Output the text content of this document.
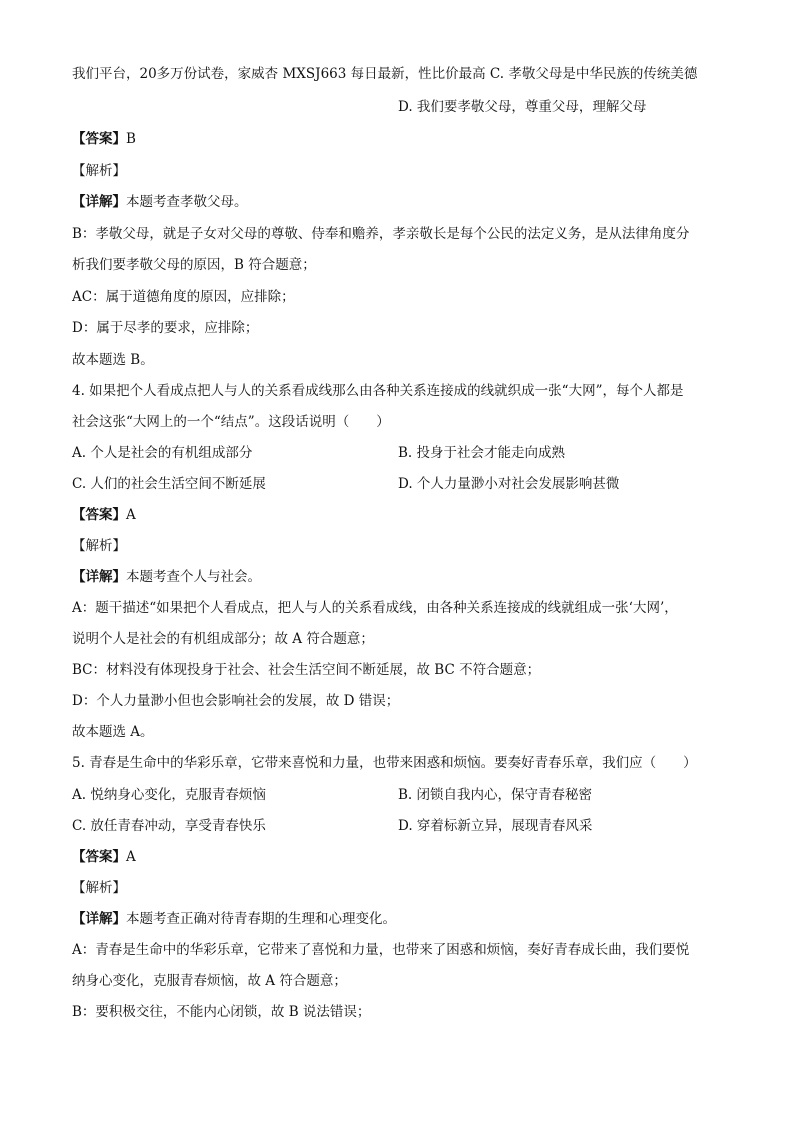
我们平台，20多万份试卷，家威杏 MXSJ663 每日最新，性比价最高 C. 孝敬父母是中华民族的传统美德
D. 我们要孝敬父母，尊重父母，理解父母
【答案】B
【解析】
【详解】本题考查孝敬父母。
B：孝敬父母，就是子女对父母的尊敬、侍奉和赡养，孝亲敬长是每个公民的法定义务，是从法律角度分
析我们要孝敬父母的原因，B 符合题意；
AC：属于道德角度的原因，应排除；
D：属于尽孝的要求，应排除；
故本题选 B。
4. 如果把个人看成点把人与人的关系看成线那么由各种关系连接成的线就织成一张“大网”，每个人都是
社会这张“大网上的一个“结点”。这段话说明（　　）
A. 个人是社会的有机组成部分	B. 投身于社会才能走向成熟
C. 人们的社会生活空间不断延展	D. 个人力量渺小对社会发展影响甚微
【答案】A
【解析】
【详解】本题考查个人与社会。
A：题干描述“如果把个人看成点，把人与人的关系看成线，由各种关系连接成的线就组成一张‘大网’，
说明个人是社会的有机组成部分；故 A 符合题意；
BC：材料没有体现投身于社会、社会生活空间不断延展，故 BC 不符合题意；
D：个人力量渺小但也会影响社会的发展，故 D 错误；
故本题选 A。
5. 青春是生命中的华彩乐章，它带来喜悦和力量，也带来困惑和烦恼。要奏好青春乐章，我们应（　　）
A. 悦纳身心变化，克服青春烦恼	B. 闭锁自我内心，保守青春秘密
C. 放任青春冲动，享受青春快乐	D. 穿着标新立异，展现青春风采
【答案】A
【解析】
【详解】本题考查正确对待青春期的生理和心理变化。
A：青春是生命中的华彩乐章，它带来了喜悦和力量，也带来了困惑和烦恼，奏好青春成长曲，我们要悦
纳身心变化，克服青春烦恼，故 A 符合题意；
B：要积极交往，不能内心闭锁，故 B 说法错误；
